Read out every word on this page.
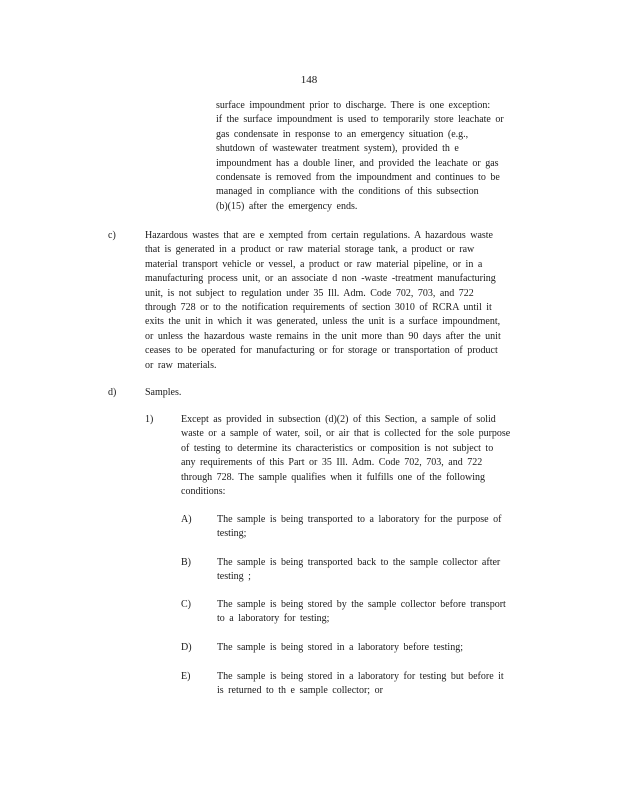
148
surface impoundment prior to discharge. There is one exception:
if the surface impoundment is used to temporarily store leachate or
gas condensate in response to an emergency situation (e.g.,
shutdown of wastewater treatment system), provided th e
impoundment has a double liner, and provided the leachate or gas
condensate is removed from the impoundment and continues to be
managed in compliance with the conditions of this subsection
(b)(15) after the emergency ends.
c)	Hazardous wastes that are e xempted from certain regulations. A hazardous waste
that is generated in a product or raw material storage tank, a product or raw
material transport vehicle or vessel, a product or raw material pipeline, or in a
manufacturing process unit, or an associate d non -waste -treatment manufacturing
unit, is not subject to regulation under 35 Ill. Adm. Code 702, 703, and 722
through 728 or to the notification requirements of section 3010 of RCRA until it
exits the unit in which it was generated, unless the unit is a surface impoundment,
or unless the hazardous waste remains in the unit more than 90 days after the unit
ceases to be operated for manufacturing or for storage or transportation of product
or raw materials.
d)	Samples.
1)	Except as provided in subsection (d)(2) of this Section, a sample of solid
waste or a sample of water, soil, or air that is collected for the sole purpose
of testing to determine its characteristics or composition is not subject to
any requirements of this Part or 35 Ill. Adm. Code 702, 703, and 722
through 728. The sample qualifies when it fulfills one of the following
conditions:
A)	The sample is being transported to a laboratory for the purpose of
testing;
B)	The sample is being transported back to the sample collector after
testing ;
C)	The sample is being stored by the sample collector before transport
to a laboratory for testing;
D)	The sample is being stored in a laboratory before testing;
E)	The sample is being stored in a laboratory for testing but before it
is returned to th e sample collector; or
